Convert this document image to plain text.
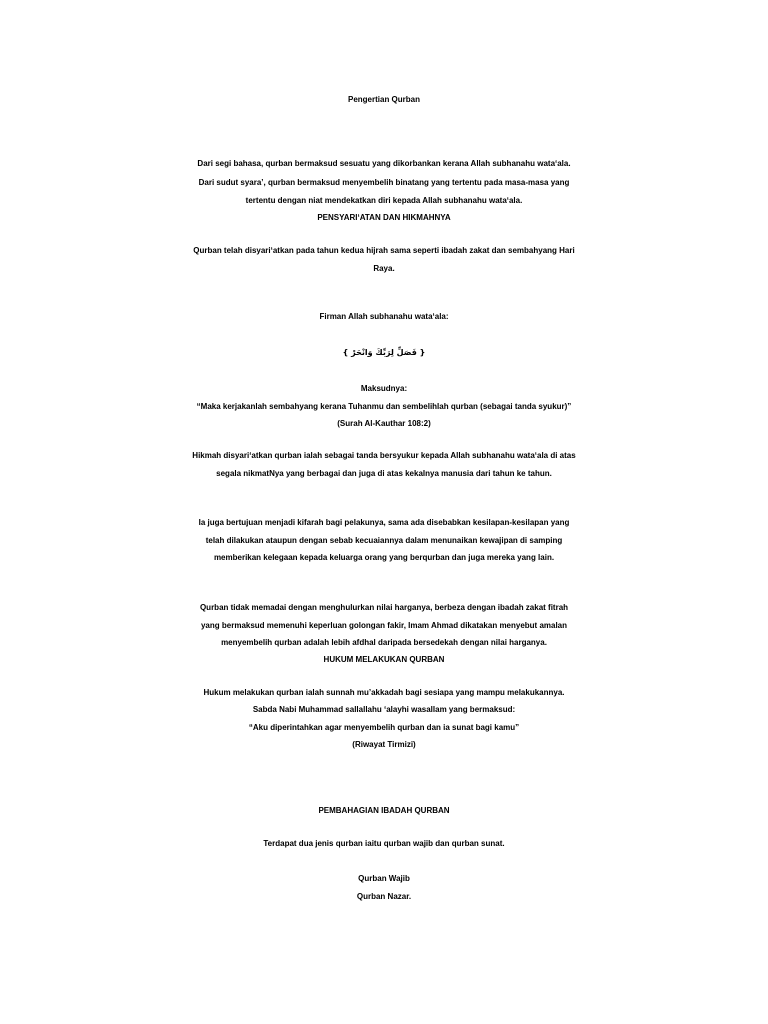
Pengertian Qurban
Dari segi bahasa, qurban bermaksud sesuatu yang dikorbankan kerana Allah subhanahu wata‘ala.
Dari sudut syara’, qurban bermaksud menyembelih binatang yang tertentu pada masa-masa yang
tertentu dengan niat mendekatkan diri kepada Allah subhanahu wata‘ala.
PENSYARI‘ATAN DAN HIKMAHNYA
Qurban telah disyari‘atkan pada tahun kedua hijrah sama seperti ibadah zakat dan sembahyang Hari
Raya.
Firman Allah subhanahu wata‘ala:
{ فَصَلِّ لِرَبِّكَ وَانْحَرْ }
Maksudnya:
“Maka kerjakanlah sembahyang kerana Tuhanmu dan sembelihlah qurban (sebagai tanda syukur)”
(Surah Al-Kauthar 108:2)
Hikmah disyari‘atkan qurban ialah sebagai tanda bersyukur kepada Allah subhanahu wata‘ala di atas
segala nikmatNya yang berbagai dan juga di atas kekalnya manusia dari tahun ke tahun.
Ia juga bertujuan menjadi kifarah bagi pelakunya, sama ada disebabkan kesilapan-kesilapan yang
telah dilakukan ataupun dengan sebab kecuaiannya dalam menunaikan kewajipan di samping
memberikan kelegaan kepada keluarga orang yang berqurban dan juga mereka yang lain.
Qurban tidak memadai dengan menghulurkan nilai harganya, berbeza dengan ibadah zakat fitrah
yang bermaksud memenuhi keperluan golongan fakir, Imam Ahmad dikatakan menyebut amalan
menyembelih qurban adalah lebih afdhal daripada bersedekah dengan nilai harganya.
HUKUM MELAKUKAN QURBAN
Hukum melakukan qurban ialah sunnah mu’akkadah bagi sesiapa yang mampu melakukannya.
Sabda Nabi Muhammad sallallahu ‘alayhi wasallam yang bermaksud:
“Aku diperintahkan agar menyembelih qurban dan ia sunat bagi kamu”
(Riwayat Tirmizi)
PEMBAHAGIAN IBADAH QURBAN
Terdapat dua jenis qurban iaitu qurban wajib dan qurban sunat.
Qurban Wajib
Qurban Nazar.
